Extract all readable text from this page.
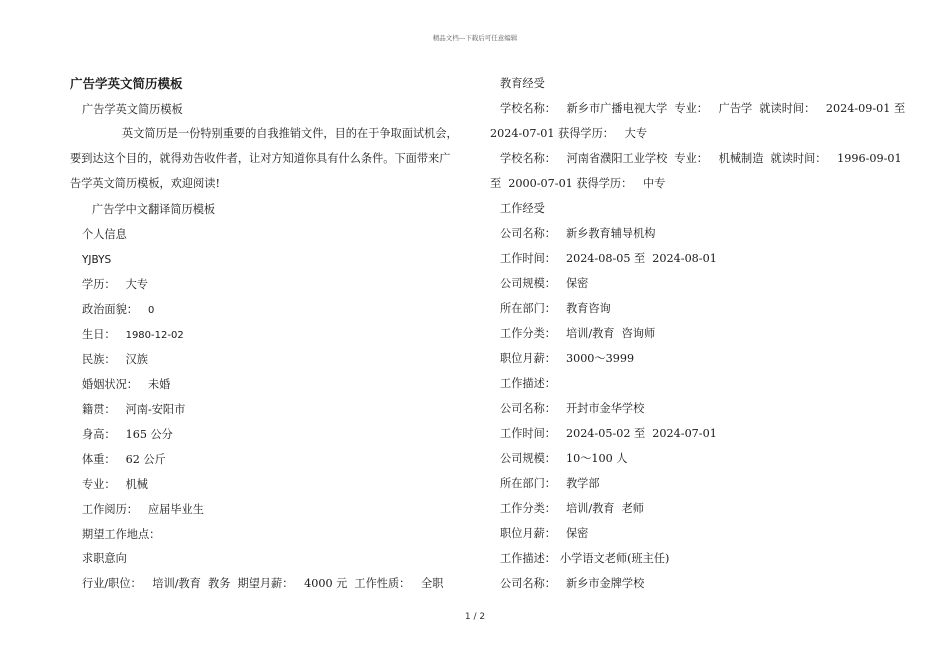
精品文档---下载后可任意编辑
广告学英文简历模板
广告学英文简历模板
英文简历是一份特别重要的自我推销文件，目的在于争取面试机会，
要到达这个目的，就得劝告收件者，让对方知道你具有什么条件。下面带来广
告学英文简历模板，欢迎阅读!
广告学中文翻译简历模板
个人信息
YJBYS
学历： 大专
政治面貌： 0
生日： 1980-12-02
民族： 汉族
婚姻状况： 未婚
籍贯： 河南-安阳市
身高： 165 公分
体重： 62 公斤
专业： 机械
工作阅历： 应届毕业生
期望工作地点：
求职意向
行业/职位：   培训/教育  教务  期望月薪：   4000 元  工作性质：   全职
教育经受
学校名称：   新乡市广播电视大学  专业：   广告学  就读时间：   2024-09-01 至
2024-07-01 获得学历：   大专
学校名称：   河南省濮阳工业学校  专业：   机械制造  就读时间：   1996-09-01
至  2000-07-01 获得学历：   中专
工作经受
公司名称： 新乡教育辅导机构
工作时间： 2024-08-05 至  2024-08-01
公司规模： 保密
所在部门： 教育咨询
工作分类： 培训/教育  咨询师
职位月薪： 3000～3999
工作描述：
公司名称： 开封市金华学校
工作时间： 2024-05-02 至  2024-07-01
公司规模： 10～100 人
所在部门： 教学部
工作分类： 培训/教育  老师
职位月薪： 保密
工作描述： 小学语文老师(班主任)
公司名称： 新乡市金牌学校
1 / 2
